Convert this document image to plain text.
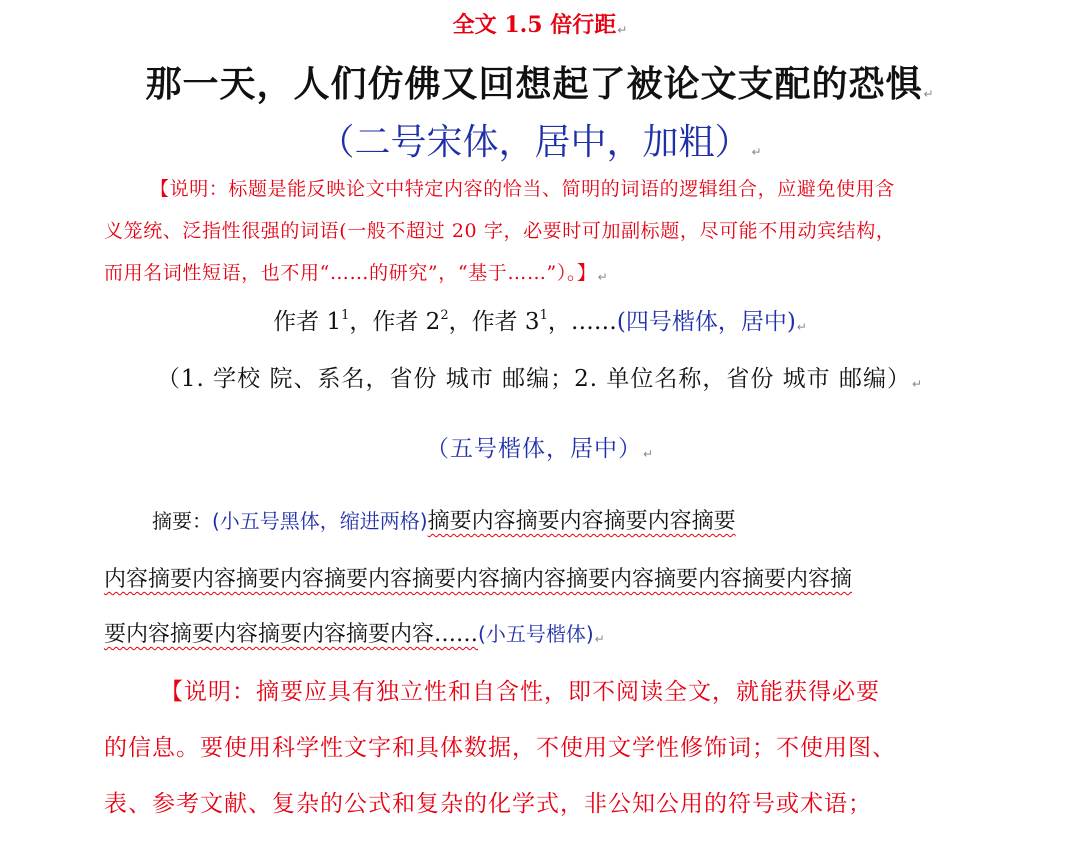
全文 1.5 倍行距↵
那一天，人们仿佛又回想起了被论文支配的恐惧↵
（二号宋体，居中，加粗）↵
【说明：标题是能反映论文中特定内容的恰当、简明的词语的逻辑组合，应避免使用含
义笼统、泛指性很强的词语(一般不超过 20 字，必要时可加副标题，尽可能不用动宾结构，
而用名词性短语，也不用“……的研究”，“基于……”）。】↵
作者 $1^1$，作者 $2^2$，作者 $3^1$，……(四号楷体，居中)↵
（1. 学校 院、系名，省份 城市 邮编；2. 单位名称，省份 城市 邮编）↵
（五号楷体，居中）↵
摘要：(小五号黑体，缩进两格)摘要内容摘要内容摘要内容摘要
内容摘要内容摘要内容摘要内容摘要内容摘内容摘要内容摘要内容摘要内容摘
要内容摘要内容摘要内容摘要内容……(小五号楷体)↵
【说明：摘要应具有独立性和自含性，即不阅读全文，就能获得必要
的信息。要使用科学性文字和具体数据，不使用文学性修饰词；不使用图、
表、参考文献、复杂的公式和复杂的化学式，非公知公用的符号或术语；
